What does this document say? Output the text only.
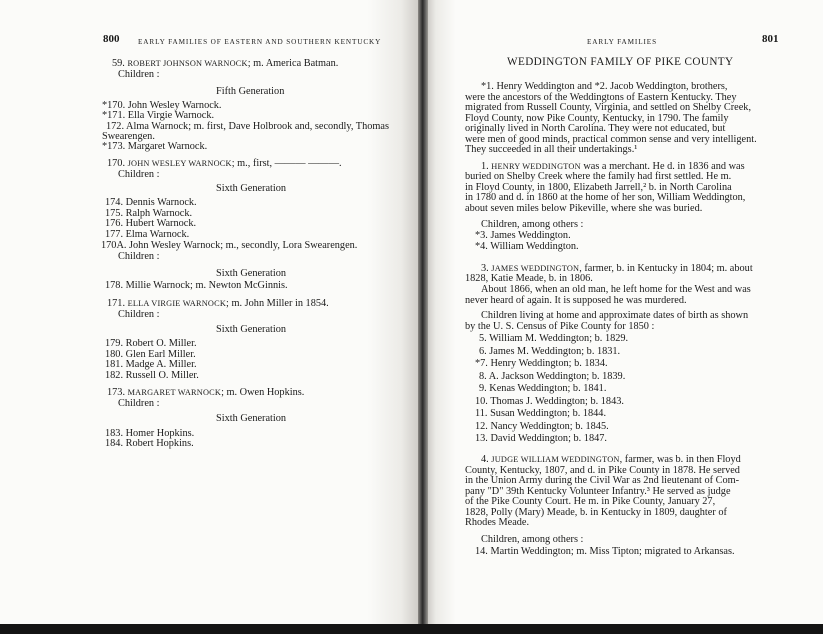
800	EARLY FAMILIES OF EASTERN AND SOUTHERN KENTUCKY
59. ROBERT JOHNSON WARNOCK; m. America Batman.
Children :
Fifth Generation
*170. John Wesley Warnock.
*171. Ella Virgie Warnock.
172. Alma Warnock; m. first, Dave Holbrook and, secondly, Thomas
Swearengen.
*173. Margaret Warnock.
170. JOHN WESLEY WARNOCK; m., first, ——— ———.
Children :
Sixth Generation
174. Dennis Warnock.
175. Ralph Warnock.
176. Hubert Warnock.
177. Elma Warnock.
170A. John Wesley Warnock; m., secondly, Lora Swearengen.
Children :
Sixth Generation
178. Millie Warnock; m. Newton McGinnis.
171. ELLA VIRGIE WARNOCK; m. John Miller in 1854.
Children :
Sixth Generation
179. Robert O. Miller.
180. Glen Earl Miller.
181. Madge A. Miller.
182. Russell O. Miller.
173. MARGARET WARNOCK; m. Owen Hopkins.
Children :
Sixth Generation
183. Homer Hopkins.
184. Robert Hopkins.
EARLY FAMILIES	801
WEDDINGTON FAMILY OF PIKE COUNTY
*1. Henry Weddington and *2. Jacob Weddington, brothers,
were the ancestors of the Weddingtons of Eastern Kentucky. They
migrated from Russell County, Virginia, and settled on Shelby Creek,
Floyd County, now Pike County, Kentucky, in 1790. The family
originally lived in North Carolina. They were not educated, but
were men of good minds, practical common sense and very intelligent.
They succeeded in all their undertakings.¹
1. HENRY WEDDINGTON was a merchant. He d. in 1836 and was
buried on Shelby Creek where the family had first settled. He m.
in Floyd County, in 1800, Elizabeth Jarrell,² b. in North Carolina
in 1780 and d. in 1860 at the home of her son, William Weddington,
about seven miles below Pikeville, where she was buried.
Children, among others :
*3. James Weddington.
*4. William Weddington.
3. JAMES WEDDINGTON, farmer, b. in Kentucky in 1804; m. about
1828, Katie Meade, b. in 1806.
About 1866, when an old man, he left home for the West and was
never heard of again. It is supposed he was murdered.
Children living at home and approximate dates of birth as shown
by the U. S. Census of Pike County for 1850 :
5. William M. Weddington; b. 1829.
6. James M. Weddington; b. 1831.
*7. Henry Weddington; b. 1834.
8. A. Jackson Weddington; b. 1839.
9. Kenas Weddington; b. 1841.
10. Thomas J. Weddington; b. 1843.
11. Susan Weddington; b. 1844.
12. Nancy Weddington; b. 1845.
13. David Weddington; b. 1847.
4. JUDGE WILLIAM WEDDINGTON, farmer, was b. in then Floyd
County, Kentucky, 1807, and d. in Pike County in 1878. He served
in the Union Army during the Civil War as 2nd lieutenant of Com-
pany "D" 39th Kentucky Volunteer Infantry.³ He served as judge
of the Pike County Court. He m. in Pike County, January 27,
1828, Polly (Mary) Meade, b. in Kentucky in 1809, daughter of
Rhodes Meade.
Children, among others :
14. Martin Weddington; m. Miss Tipton; migrated to Arkansas.
